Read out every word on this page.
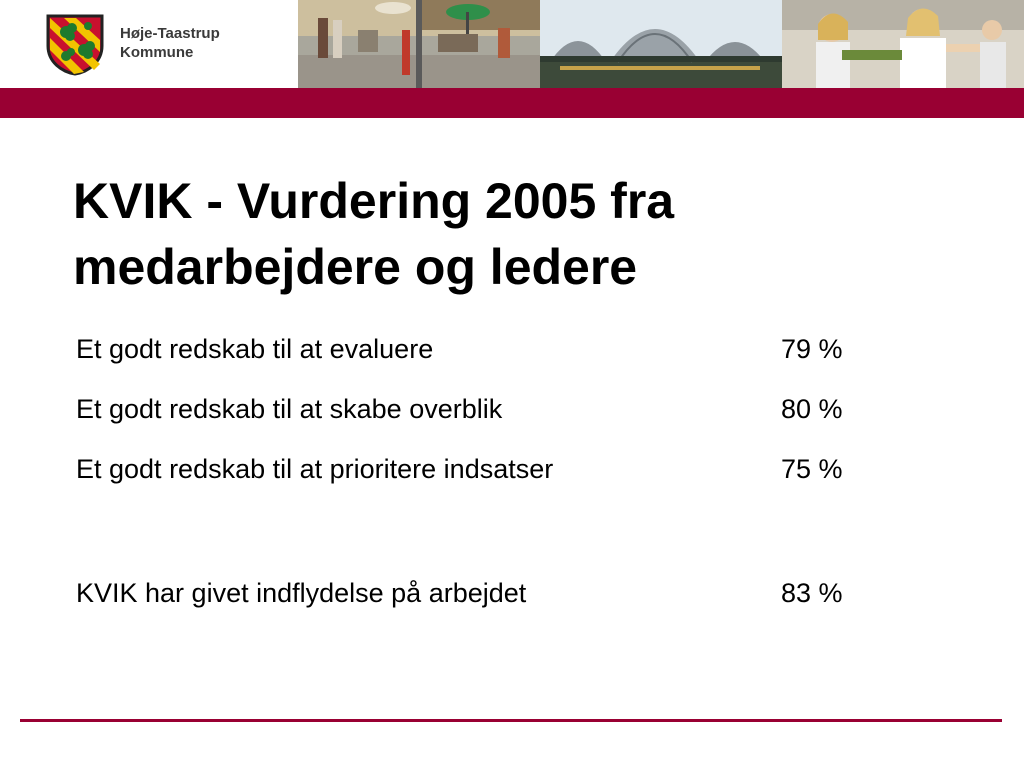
Høje-Taastrup
Kommune
KVIK - Vurdering 2005 fra
medarbejdere og ledere
Et godt redskab til at evaluere	79 %
Et godt redskab til at skabe overblik	80 %
Et godt redskab til at prioritere indsatser	75 %
KVIK har givet indflydelse på arbejdet	83 %
